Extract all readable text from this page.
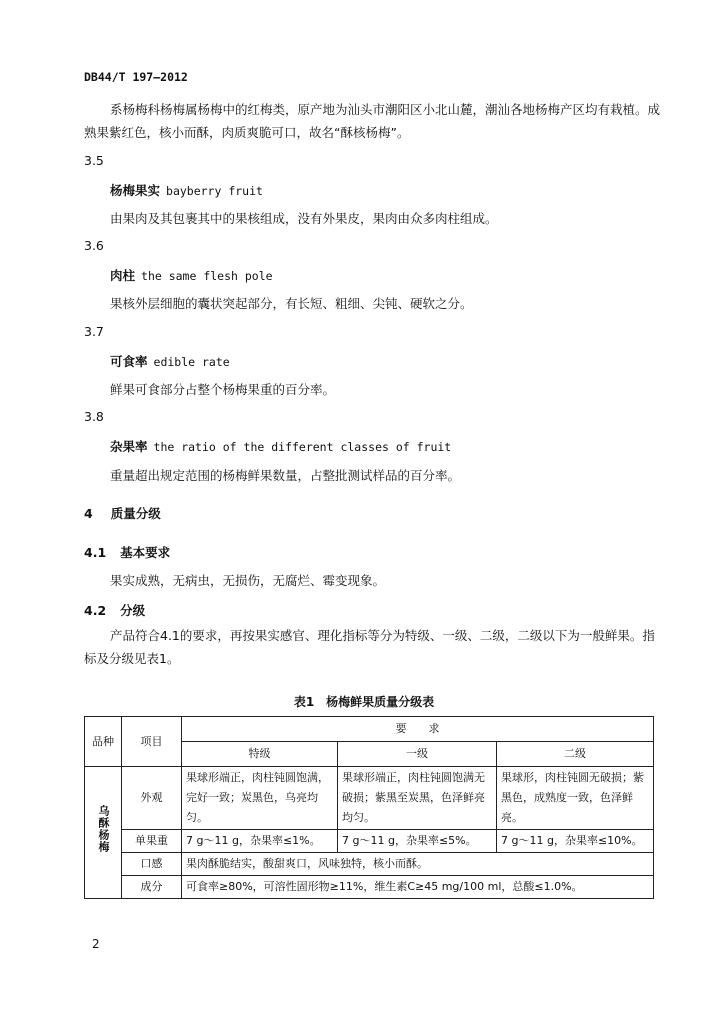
DB44/T 197—2012
系杨梅科杨梅属杨梅中的红梅类，原产地为汕头市潮阳区小北山麓，潮汕各地杨梅产区均有栽植。成熟果紫红色，核小而酥，肉质爽脆可口，故名“酥核杨梅”。
3.5
杨梅果实 bayberry fruit
由果肉及其包裹其中的果核组成，没有外果皮，果肉由众多肉柱组成。
3.6
肉柱 the same flesh pole
果核外层细胞的囊状突起部分，有长短、粗细、尖钝、硬软之分。
3.7
可食率 edible rate
鲜果可食部分占整个杨梅果重的百分率。
3.8
杂果率 the ratio of the different classes of fruit
重量超出规定范围的杨梅鲜果数量，占整批测试样品的百分率。
4 质量分级
4.1 基本要求
果实成熟，无病虫，无损伤，无腐烂、霉变现象。
4.2 分级
产品符合4.1的要求，再按果实感官、理化指标等分为特级、一级、二级，二级以下为一般鲜果。指标及分级见表1。
表1　杨梅鲜果质量分级表
品种	项目	要　　求		
		特级	一级	二级
乌酥杨梅	外观	果球形端正，肉柱钝圆饱满，完好一致；炭黑色，乌亮均匀。	果球形端正，肉柱钝圆饱满无破损；紫黑至炭黑，色泽鲜亮均匀。	果球形，肉柱钝圆无破损；紫黑色，成熟度一致，色泽鲜亮。
	单果重	7 g～11 g，杂果率≤1%。	7 g～11 g，杂果率≤5%。	7 g～11 g，杂果率≤10%。
	口感	果肉酥脆结实，酸甜爽口，风味独特，核小而酥。		
	成分	可食率≥80%，可溶性固形物≥11%，维生素C≥45 mg/100 ml，总酸≤1.0%。		
2
